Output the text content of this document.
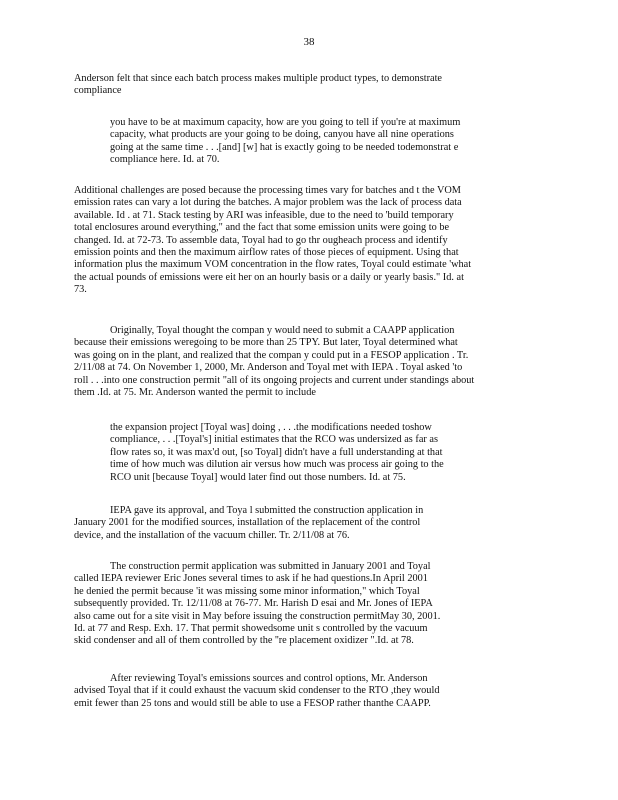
38

Anderson felt that since each batch process makes multiple product types, to demonstrate
compliance

you have to be at maximum capacity, how are you going to tell if you're at maximum
capacity, what products are your going to be doing, canyou have all nine operations
going at the same time . . .[and] [w] hat is exactly going to be needed todemonstrat e
compliance here. Id. at 70.

Additional challenges are posed because the processing times vary for batches and t the VOM
emission rates can vary a lot during the batches. A major problem was the lack of process data
available. Id . at 71. Stack testing by ARI was infeasible, due to the need to 'build temporary
total enclosures around everything," and the fact that some emission units were going to be
changed. Id. at 72-73. To assemble data, Toyal had to go thr ougheach process and identify
emission points and then the maximum airflow rates of those pieces of equipment. Using that
information plus the maximum VOM concentration in the flow rates, Toyal could estimate 'what
the actual pounds of emissions were eit her on an hourly basis or a daily or yearly basis." Id. at
73.

Originally, Toyal thought the compan y would need to submit a CAAPP application
because their emissions weregoing to be more than 25 TPY. But later, Toyal determined what
was going on in the plant, and realized that the compan y could put in a FESOP application . Tr.
2/11/08 at 74. On November 1, 2000, Mr. Anderson and Toyal met with IEPA . Toyal asked 'to
roll . . .into one construction permit "all of its ongoing projects and current under standings about
them .Id. at 75. Mr. Anderson wanted the permit to include

the expansion project [Toyal was] doing , . . .the modifications needed toshow
compliance, . . .[Toyal's] initial estimates that the RCO was undersized as far as
flow rates so, it was max'd out, [so Toyal] didn't have a full understanding at that
time of how much was dilution air versus how much was process air going to the
RCO unit [because Toyal] would later find out those numbers. Id. at 75.

IEPA gave its approval, and Toya l submitted the construction application in
January 2001 for the modified sources, installation of the replacement of the control
device, and the installation of the vacuum chiller. Tr. 2/11/08 at 76.

The construction permit application was submitted in January 2001 and Toyal
called IEPA reviewer Eric Jones several times to ask if he had questions.In April 2001
he denied the permit because 'it was missing some minor information," which Toyal
subsequently provided. Tr. 12/11/08 at 76-77. Mr. Harish D esai and Mr. Jones of IEPA
also came out for a site visit in May before issuing the construction permitMay 30, 2001.
Id. at 77 and Resp. Exh. 17. That permit showedsome unit s controlled by the vacuum
skid condenser and all of them controlled by the ''re placement oxidizer ".Id. at 78.

After reviewing Toyal's emissions sources and control options, Mr. Anderson
advised Toyal that if it could exhaust the vacuum skid condenser to the RTO ,they would
emit fewer than 25 tons and would still be able to use a FESOP rather thanthe CAAPP.
